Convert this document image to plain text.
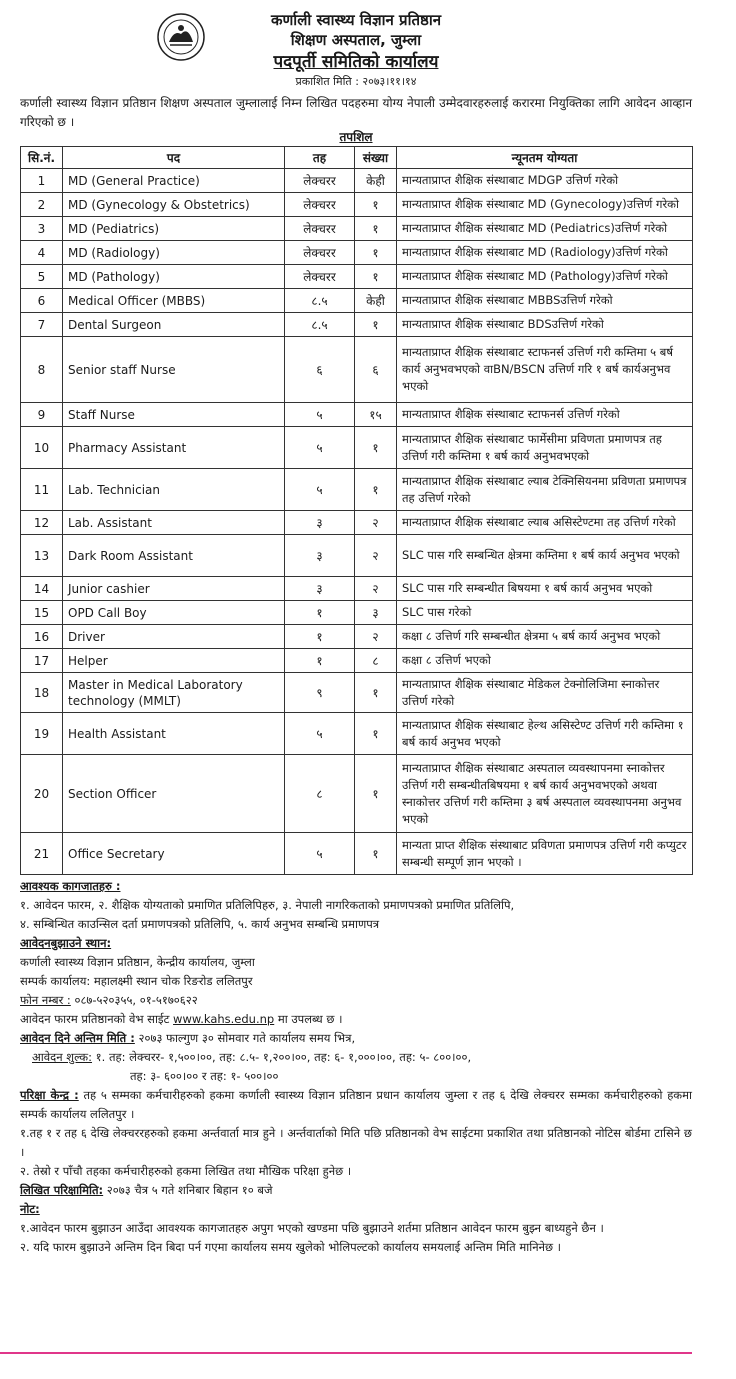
कर्णाली स्वास्थ्य विज्ञान प्रतिष्ठान
शिक्षण अस्पताल, जुम्ला
पदपूर्ती समितिको कार्यालय
प्रकाशित मिति : २०७३।११।१४

कर्णाली स्वास्थ्य विज्ञान प्रतिष्ठान शिक्षण अस्पताल जुम्लालाई निम्न लिखित पदहरुमा योग्य नेपाली उम्मेदवारहरुलाई करारमा नियुक्तिका लागि आवेदन आव्हान गरिएको छ ।

तपशिल
सि.नं.	पद	तह	संख्या	न्यूनतम योग्यता
1	MD (General Practice)	लेक्चरर	केही	मान्यताप्राप्त शैक्षिक संस्थाबाट MDGP उत्तिर्ण गरेको
2	MD (Gynecology & Obstetrics)	लेक्चरर	१	मान्यताप्राप्त शैक्षिक संस्थाबाट MD (Gynecology)उत्तिर्ण गरेको
3	MD (Pediatrics)	लेक्चरर	१	मान्यताप्राप्त शैक्षिक संस्थाबाट MD (Pediatrics)उत्तिर्ण गरेको
4	MD (Radiology)	लेक्चरर	१	मान्यताप्राप्त शैक्षिक संस्थाबाट MD (Radiology)उत्तिर्ण गरेको
5	MD (Pathology)	लेक्चरर	१	मान्यताप्राप्त शैक्षिक संस्थाबाट MD (Pathology)उत्तिर्ण गरेको
6	Medical Officer (MBBS)	८.५	केही	मान्यताप्राप्त शैक्षिक संस्थाबाट MBBSउत्तिर्ण गरेको
7	Dental Surgeon	८.५	१	मान्यताप्राप्त शैक्षिक संस्थाबाट BDSउत्तिर्ण गरेको
8	Senior staff Nurse	६	६	मान्यताप्राप्त शैक्षिक संस्थाबाट स्टाफनर्स उत्तिर्ण गरी कम्तिमा ५ बर्ष कार्य अनुभवभएको वाBN/BSCN उत्तिर्ण गरि १ बर्ष कार्यअनुभव भएको
9	Staff Nurse	५	१५	मान्यताप्राप्त शैक्षिक संस्थाबाट स्टाफनर्स उत्तिर्ण गरेको
10	Pharmacy Assistant	५	१	मान्यताप्राप्त शैक्षिक संस्थाबाट फार्मेसीमा प्रविणता प्रमाणपत्र तह उत्तिर्ण गरी कम्तिमा १ बर्ष कार्य अनुभवभएको
11	Lab. Technician	५	१	मान्यताप्राप्त शैक्षिक संस्थाबाट ल्याब टेक्निसियनमा प्रविणता प्रमाणपत्र तह उत्तिर्ण गरेको
12	Lab. Assistant	३	२	मान्यताप्राप्त शैक्षिक संस्थाबाट ल्याब असिस्टेण्टमा तह उत्तिर्ण गरेको
13	Dark Room Assistant	३	२	SLC पास गरि सम्बन्धित क्षेत्रमा कम्तिमा १ बर्ष कार्य अनुभव भएको
14	Junior cashier	३	२	SLC पास गरि सम्बन्धीत बिषयमा १ बर्ष कार्य अनुभव भएको
15	OPD Call Boy	१	३	SLC पास गरेको
16	Driver	१	२	कक्षा ८ उत्तिर्ण गरि सम्बन्धीत क्षेत्रमा ५ बर्ष कार्य अनुभव भएको
17	Helper	१	८	कक्षा ८ उत्तिर्ण भएको
18	Master in Medical Laboratory technology (MMLT)	९	१	मान्यताप्राप्त शैक्षिक संस्थाबाट मेडिकल टेक्नोलिजिमा स्नाकोत्तर उत्तिर्ण गरेको
19	Health Assistant	५	१	मान्यताप्राप्त शैक्षिक संस्थाबाट हेल्थ असिस्टेण्ट उत्तिर्ण गरी कम्तिमा १ बर्ष कार्य अनुभव भएको
20	Section Officer	८	१	मान्यताप्राप्त शैक्षिक संस्थाबाट अस्पताल व्यवस्थापनमा स्नाकोत्तर उत्तिर्ण गरी सम्बन्धीतबिषयमा १ बर्ष कार्य अनुभवभएको अथवा स्नाकोत्तर उत्तिर्ण गरी कम्तिमा ३ बर्ष अस्पताल व्यवस्थापनमा अनुभव भएको
21	Office Secretary	५	१	मान्यता प्राप्त शैक्षिक संस्थाबाट प्रविणता प्रमाणपत्र उत्तिर्ण गरी कप्युटर सम्बन्धी सम्पूर्ण ज्ञान भएको ।
आवश्यक कागजातहरु :
१. आवेदन फारम, २. शैक्षिक योग्यताको प्रमाणित प्रतिलिपिहरु, ३. नेपाली नागरिकताको प्रमाणपत्रको प्रमाणित प्रतिलिपि,
४. सम्बिन्धित काउन्सिल दर्ता प्रमाणपत्रको प्रतिलिपि, ५. कार्य अनुभव सम्बन्धि प्रमाणपत्र
आवेदनबुझाउने स्थान:
कर्णाली स्वास्थ्य विज्ञान प्रतिष्ठान, केन्द्रीय कार्यालय, जुम्ला
सम्पर्क कार्यालय: महालक्ष्मी स्थान चोक रिङरोड ललितपुर
फोन नम्बर : ०८७-५२०३५५, ०१-५१७०६२२
आवेदन फारम प्रतिष्ठानको वेभ साईट www.kahs.edu.np मा उपलब्ध छ ।
आवेदन दिने अन्तिम मिति : २०७३ फाल्गुण ३० सोमवार गते कार्यालय समय भित्र,
आवेदन शुल्क: १. तह: लेक्चरर- १,५००।००, तह: ८.५- १,२००।००, तह: ६- १,०००।००, तह: ५- ८००।००,
तह: ३- ६००।०० र तह: १- ५००।००
परिक्षा केन्द्र : तह ५ सम्मका कर्मचारीहरुको हकमा कर्णाली स्वास्थ्य विज्ञान प्रतिष्ठान प्रधान कार्यालय जुम्ला र तह ६ देखि लेक्चरर सम्मका कर्मचारीहरुको हकमा सम्पर्क कार्यालय ललितपुर ।
१.तह १ र तह ६ देखि लेक्चररहरुको हकमा अर्न्तवार्ता मात्र हुने । अर्न्तवार्ताको मिति पछि प्रतिष्ठानको वेभ साईटमा प्रकाशित तथा प्रतिष्ठानको नोटिस बोर्डमा टासिने छ ।
२. तेस्रो र पाँचौ तहका कर्मचारीहरुको हकमा लिखित तथा मौखिक परिक्षा हुनेछ ।
लिखित परिक्षामिति: २०७३ चैत्र ५ गते शनिबार बिहान १० बजे
नोट:
१.आवेदन फारम बुझाउन आउँदा आवश्यक कागजातहरु अपुग भएको खण्डमा पछि बुझाउने शर्तमा प्रतिष्ठान आवेदन फारम बुझ्न बाध्यहुने छैन ।
२. यदि फारम बुझाउने अन्तिम दिन बिदा पर्न गएमा कार्यालय समय खुलेको भोलिपल्टको कार्यालय समयलाई अन्तिम मिति मानिनेछ ।
